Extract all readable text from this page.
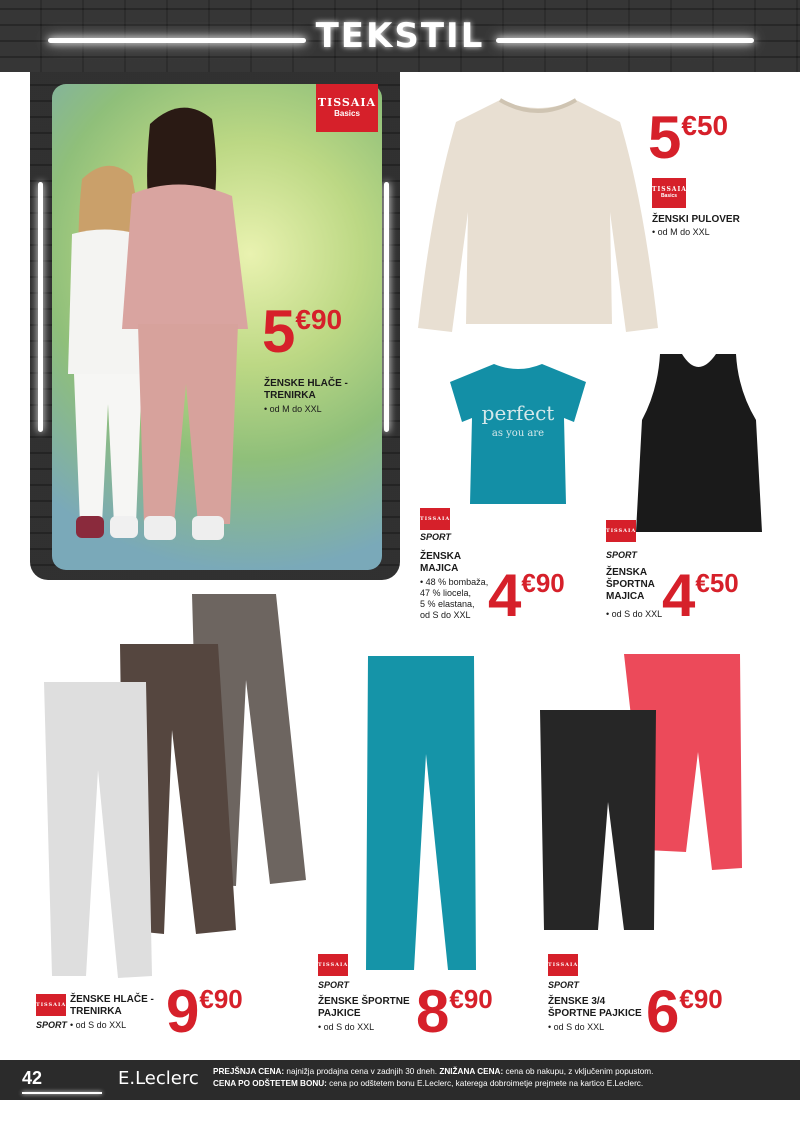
TEKSTIL
TISSAIA
Basics
5€90
ŽENSKE HLAČE -
TRENIRKA
• od M do XXL
5€50
TISSAIA
Basics
ŽENSKI PULOVER
• od M do XXL
perfect
as you are
TISSAIA
SPORT
ŽENSKA
MAJICA
• 48 % bombaža,
47 % liocela,
5 % elastana,
od S do XXL 4€90
TISSAIA
SPORT
ŽENSKA
ŠPORTNA
MAJICA
• od S do XXL 4€50
TISSAIA
SPORT
ŽENSKE HLAČE -
TRENIRKA
• od S do XXL 9€90
TISSAIA
SPORT
ŽENSKE ŠPORTNE
PAJKICE
• od S do XXL 8€90
TISSAIA
SPORT
ŽENSKE 3/4
ŠPORTNE PAJKICE
• od S do XXL 6€90
42	E.Leclerc PREJŠNJA CENA: najnižja prodajna cena v zadnjih 30 dneh. ZNIŽANA CENA: cena ob nakupu, z vključenim popustom.
CENA PO ODŠTETEM BONU: cena po odštetem bonu E.Leclerc, katerega dobroimetje prejmete na kartico E.Leclerc.
